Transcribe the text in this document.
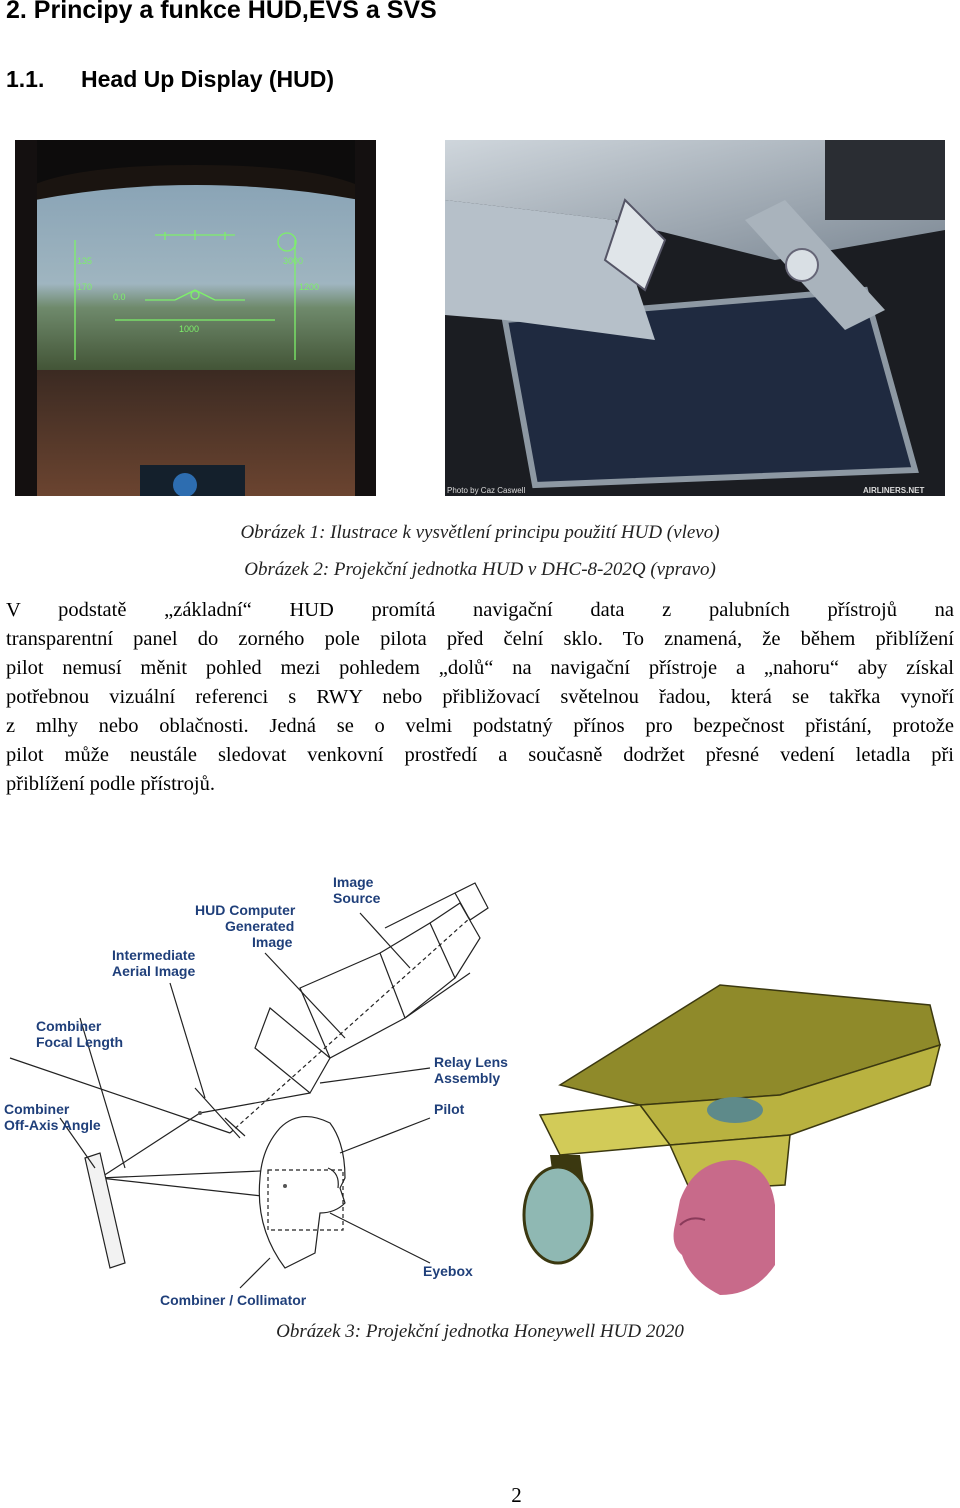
2. Principy a funkce HUD,EVS a SVS
1.1. Head Up Display (HUD)
135	3000
1000
0.0
170	1200
Photo by Caz Caswell	AIRLINERS.NET
Obrázek 1: Ilustrace k vysvětlení principu použití HUD (vlevo)
Obrázek 2: Projekční jednotka HUD v DHC-8-202Q (vpravo)
V podstatě „základní“ HUD promítá navigační data z palubních přístrojů na
transparentní panel do zorného pole pilota před čelní sklo. To znamená, že během přiblížení
pilot nemusí měnit pohled mezi pohledem „dolů“ na navigační přístroje a „nahoru“ aby získal
potřebnou vizuální referenci s RWY nebo přibližovací světelnou řadou, která se takřka vynoří
z mlhy nebo oblačnosti. Jedná se o velmi podstatný přínos pro bezpečnost přistání, protože
pilot může neustále sledovat venkovní prostředí a současně dodržet přesné vedení letadla při
přiblížení podle přístrojů.
Image
Source
HUD Computer
Generated
Image
Intermediate
Aerial Image
Combiner
Focal Length
Relay Lens
Assembly
Combiner
Off-Axis Angle
Pilot
Eyebox
Combiner / Collimator
Obrázek 3: Projekční jednotka Honeywell HUD 2020
2
